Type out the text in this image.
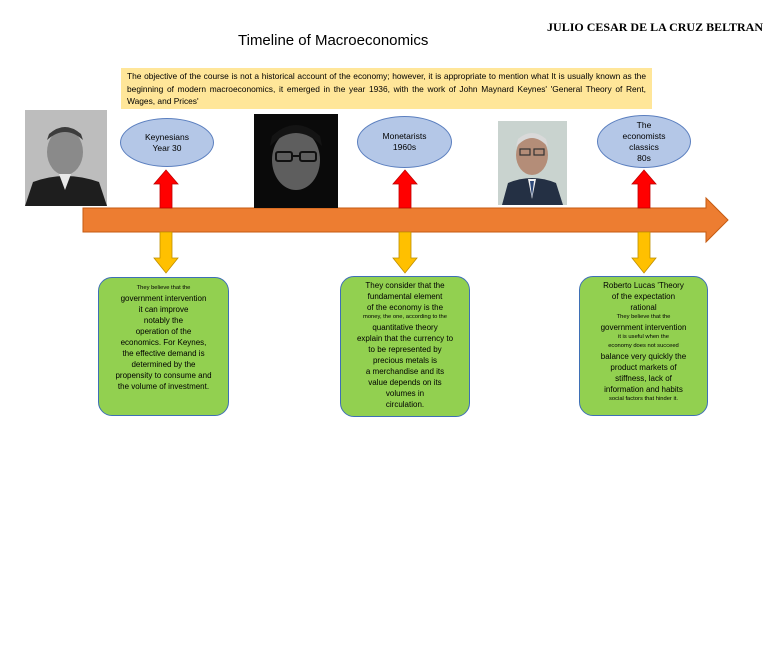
JULIO CESAR DE LA CRUZ BELTRAN
Timeline of Macroeconomics
The objective of the course is not a historical account of the economy; however, it is appropriate to mention what It is usually known as the beginning of modern macroeconomics, it emerged in the year 1936, with the work of John Maynard Keynes' 'General Theory of Rent, Wages, and Prices'
Keynesians
Year 30
Monetarists
1960s
The
economists
classics
80s
They believe that the
government intervention
it can improve
notably the
operation of the
economics. For Keynes,
the effective demand is
determined by the
propensity to consume and
the volume of investment.
They consider that the
fundamental element
of the economy is the
money, the one, according to the
quantitative theory
explain that the currency to
to be represented by
precious metals is
a merchandise and its
value depends on its
volumes in
circulation.
Roberto Lucas 'Theory
of the expectation
rational
They believe that the
government intervention
it is useful when the
economy does not succeed
balance very quickly the
product markets of
stiffness, lack of
information and habits
social factors that hinder it.
